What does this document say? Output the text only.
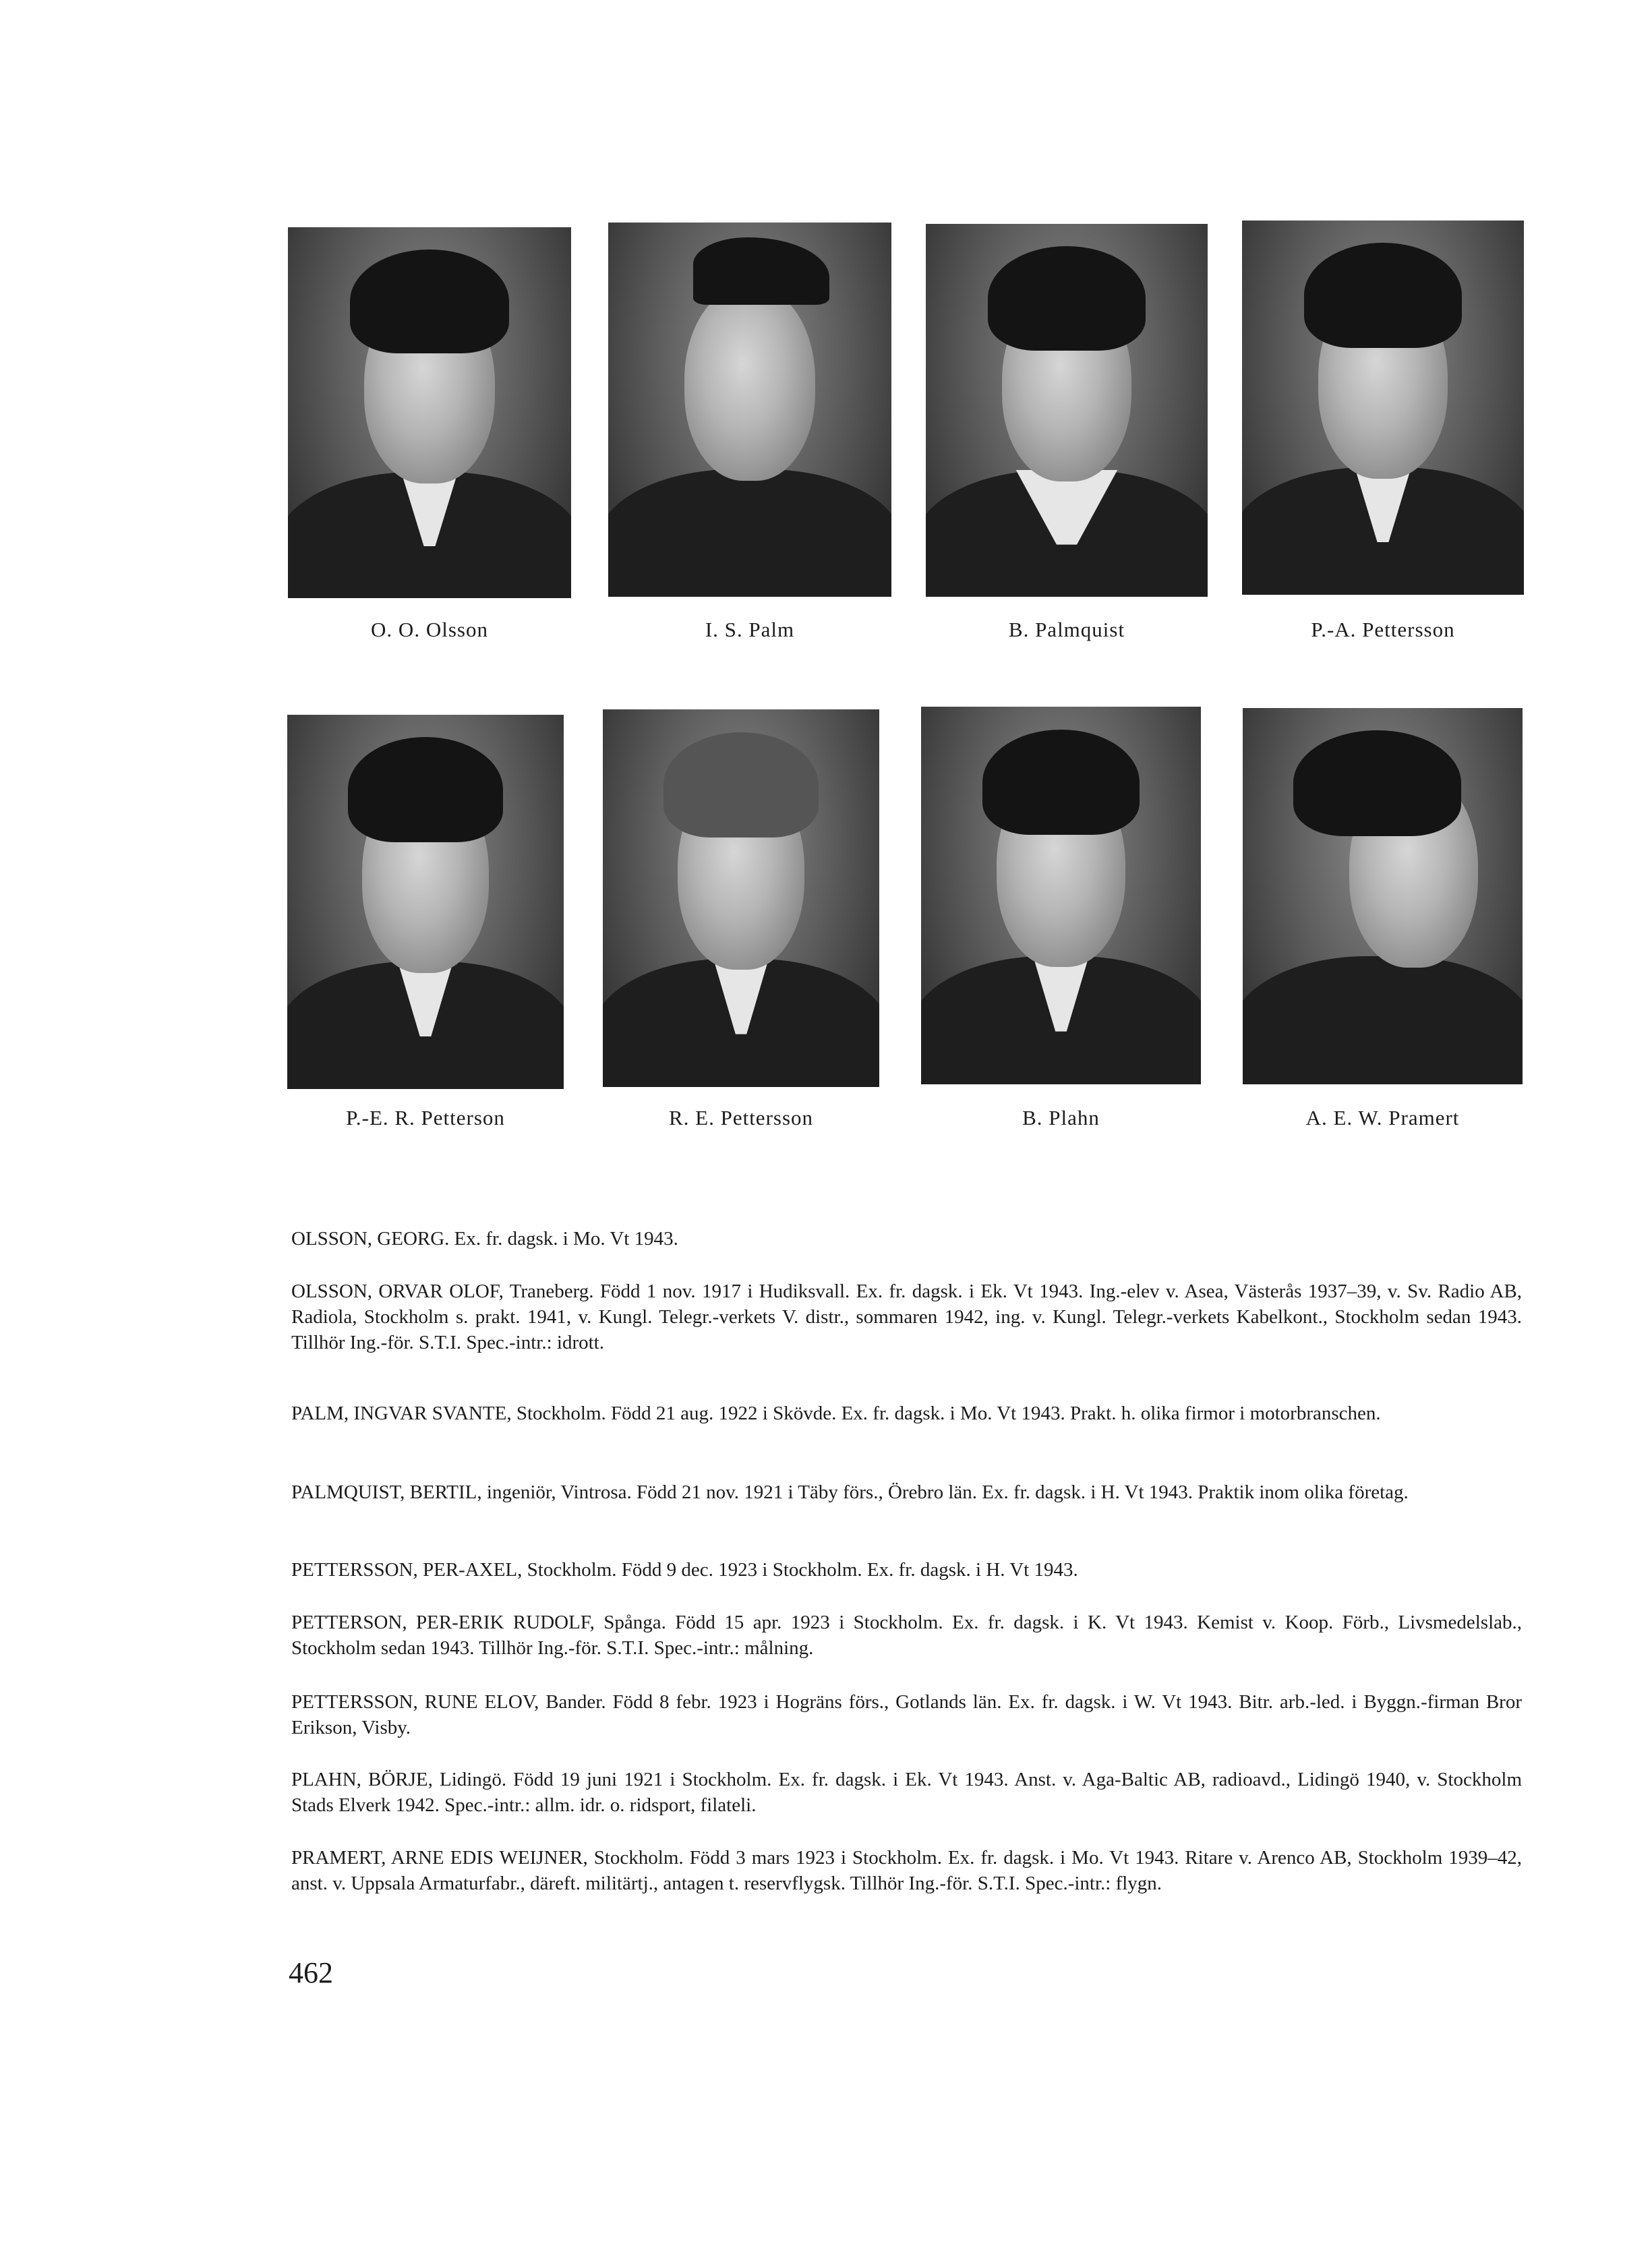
O. O. Olsson	I. S. Palm	B. Palmquist	P.-A. Pettersson
P.-E. R. Petterson	R. E. Pettersson	B. Plahn	A. E. W. Pramert

OLSSON, GEORG. Ex. fr. dagsk. i Mo. Vt 1943.

OLSSON, ORVAR OLOF, Traneberg. Född 1 nov. 1917 i Hudiksvall. Ex. fr. dagsk. i Ek. Vt 1943. Ing.-elev v. Asea, Västerås 1937–39, v. Sv. Radio AB, Radiola, Stockholm s. prakt. 1941, v. Kungl. Telegr.-verkets V. distr., sommaren 1942, ing. v. Kungl. Telegr.-verkets Kabelkont., Stockholm sedan 1943. Tillhör Ing.-för. S.T.I. Spec.-intr.: idrott.

PALM, INGVAR SVANTE, Stockholm. Född 21 aug. 1922 i Skövde. Ex. fr. dagsk. i Mo. Vt 1943. Prakt. h. olika firmor i motorbranschen.

PALMQUIST, BERTIL, ingeniör, Vintrosa. Född 21 nov. 1921 i Täby förs., Örebro län. Ex. fr. dagsk. i H. Vt 1943. Praktik inom olika företag.

PETTERSSON, PER-AXEL, Stockholm. Född 9 dec. 1923 i Stockholm. Ex. fr. dagsk. i H. Vt 1943.

PETTERSON, PER-ERIK RUDOLF, Spånga. Född 15 apr. 1923 i Stockholm. Ex. fr. dagsk. i K. Vt 1943. Kemist v. Koop. Förb., Livsmedelslab., Stockholm sedan 1943. Tillhör Ing.-för. S.T.I. Spec.-intr.: målning.

PETTERSSON, RUNE ELOV, Bander. Född 8 febr. 1923 i Hogräns förs., Gotlands län. Ex. fr. dagsk. i W. Vt 1943. Bitr. arb.-led. i Byggn.-firman Bror Erikson, Visby.

PLAHN, BÖRJE, Lidingö. Född 19 juni 1921 i Stockholm. Ex. fr. dagsk. i Ek. Vt 1943. Anst. v. Aga-Baltic AB, radioavd., Lidingö 1940, v. Stockholm Stads Elverk 1942. Spec.-intr.: allm. idr. o. ridsport, filateli.

PRAMERT, ARNE EDIS WEIJNER, Stockholm. Född 3 mars 1923 i Stockholm. Ex. fr. dagsk. i Mo. Vt 1943. Ritare v. Arenco AB, Stockholm 1939–42, anst. v. Uppsala Armaturfabr., däreft. militärtj., antagen t. reservflygsk. Tillhör Ing.-för. S.T.I. Spec.-intr.: flygn.

462
